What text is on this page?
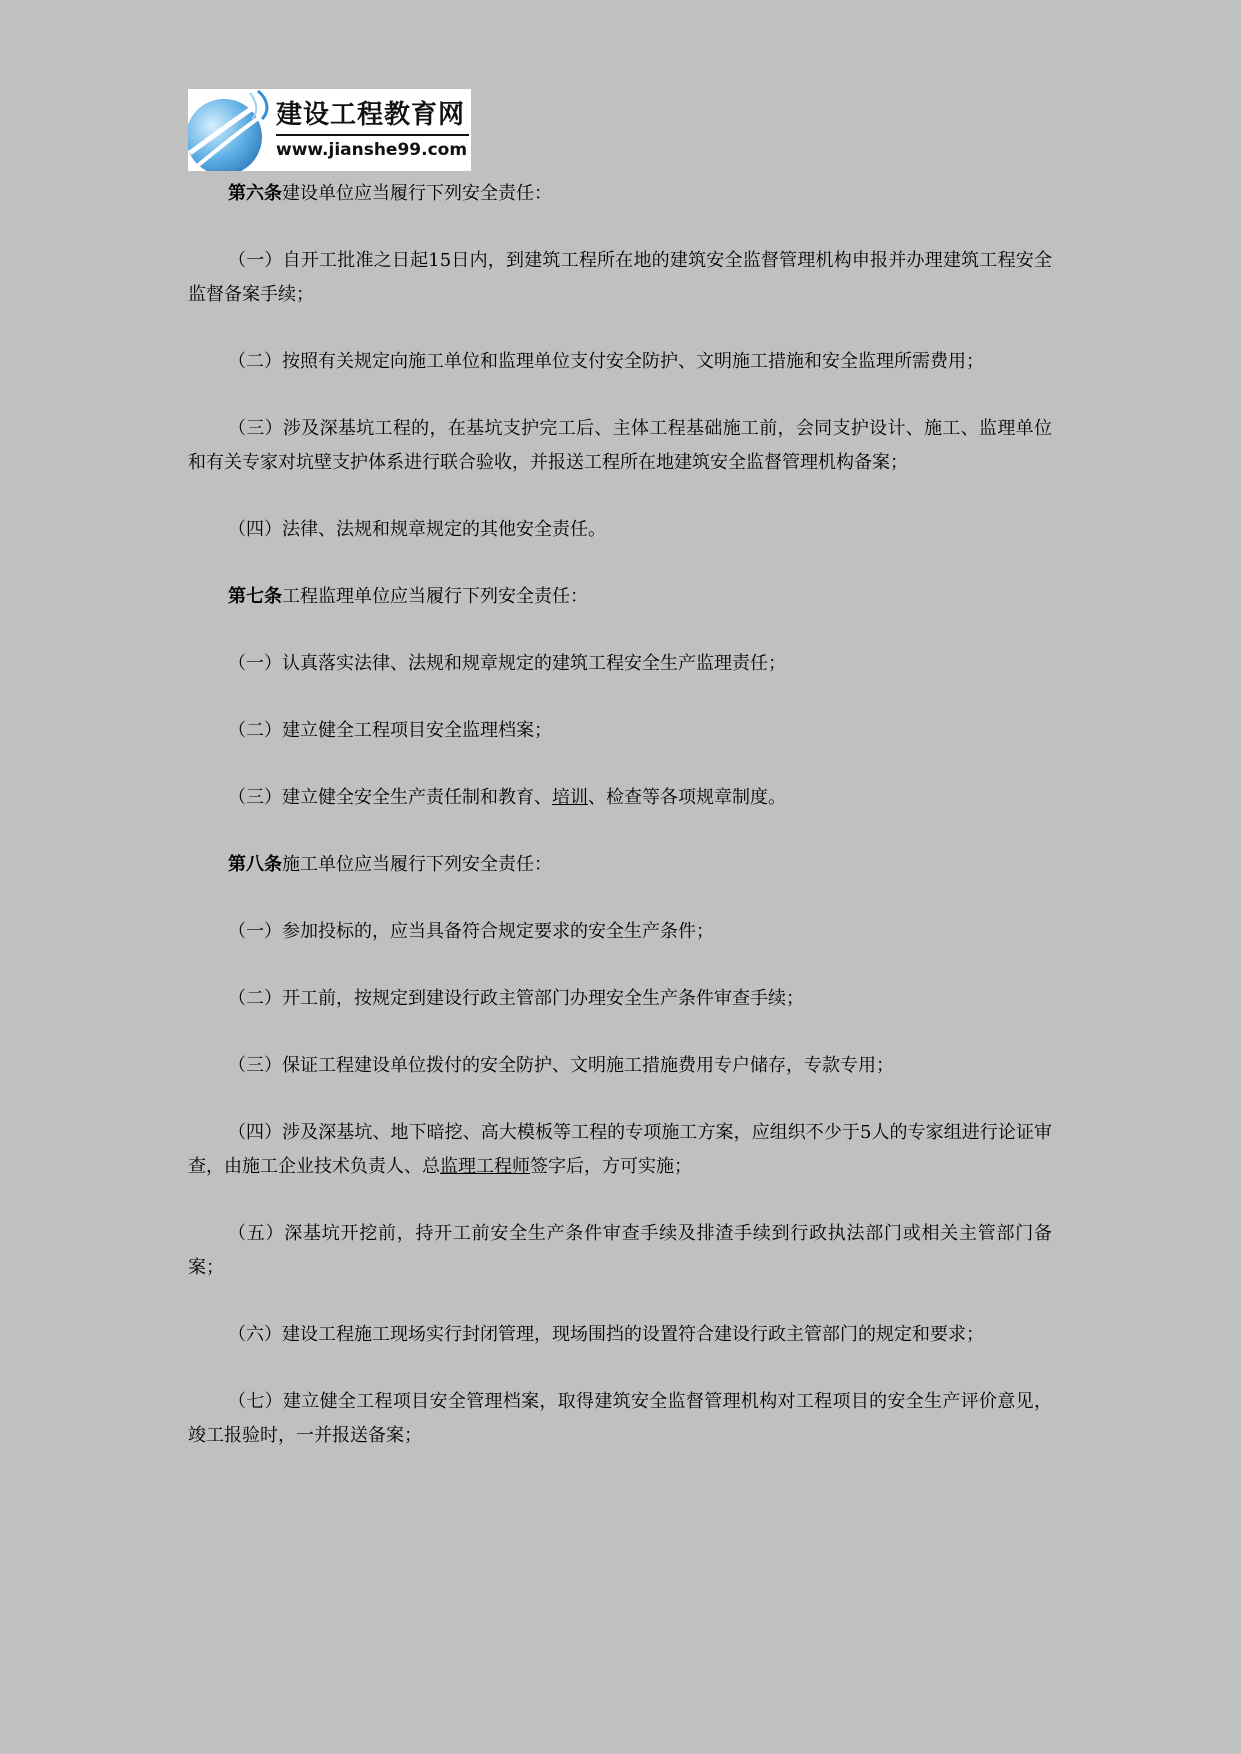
建设工程教育网
www.jianshe99.com

第六条建设单位应当履行下列安全责任：

（一）自开工批准之日起15日内，到建筑工程所在地的建筑安全监督管理机构申报并办理建筑工程安全监督备案手续；

（二）按照有关规定向施工单位和监理单位支付安全防护、文明施工措施和安全监理所需费用；

（三）涉及深基坑工程的，在基坑支护完工后、主体工程基础施工前，会同支护设计、施工、监理单位和有关专家对坑壁支护体系进行联合验收，并报送工程所在地建筑安全监督管理机构备案；

（四）法律、法规和规章规定的其他安全责任。

第七条工程监理单位应当履行下列安全责任：

（一）认真落实法律、法规和规章规定的建筑工程安全生产监理责任；

（二）建立健全工程项目安全监理档案；

（三）建立健全安全生产责任制和教育、培训、检查等各项规章制度。

第八条施工单位应当履行下列安全责任：

（一）参加投标的，应当具备符合规定要求的安全生产条件；

（二）开工前，按规定到建设行政主管部门办理安全生产条件审查手续；

（三）保证工程建设单位拨付的安全防护、文明施工措施费用专户储存，专款专用；

（四）涉及深基坑、地下暗挖、高大模板等工程的专项施工方案，应组织不少于5人的专家组进行论证审查，由施工企业技术负责人、总监理工程师签字后，方可实施；

（五）深基坑开挖前，持开工前安全生产条件审查手续及排渣手续到行政执法部门或相关主管部门备案；

（六）建设工程施工现场实行封闭管理，现场围挡的设置符合建设行政主管部门的规定和要求；

（七）建立健全工程项目安全管理档案，取得建筑安全监督管理机构对工程项目的安全生产评价意见，竣工报验时，一并报送备案；
